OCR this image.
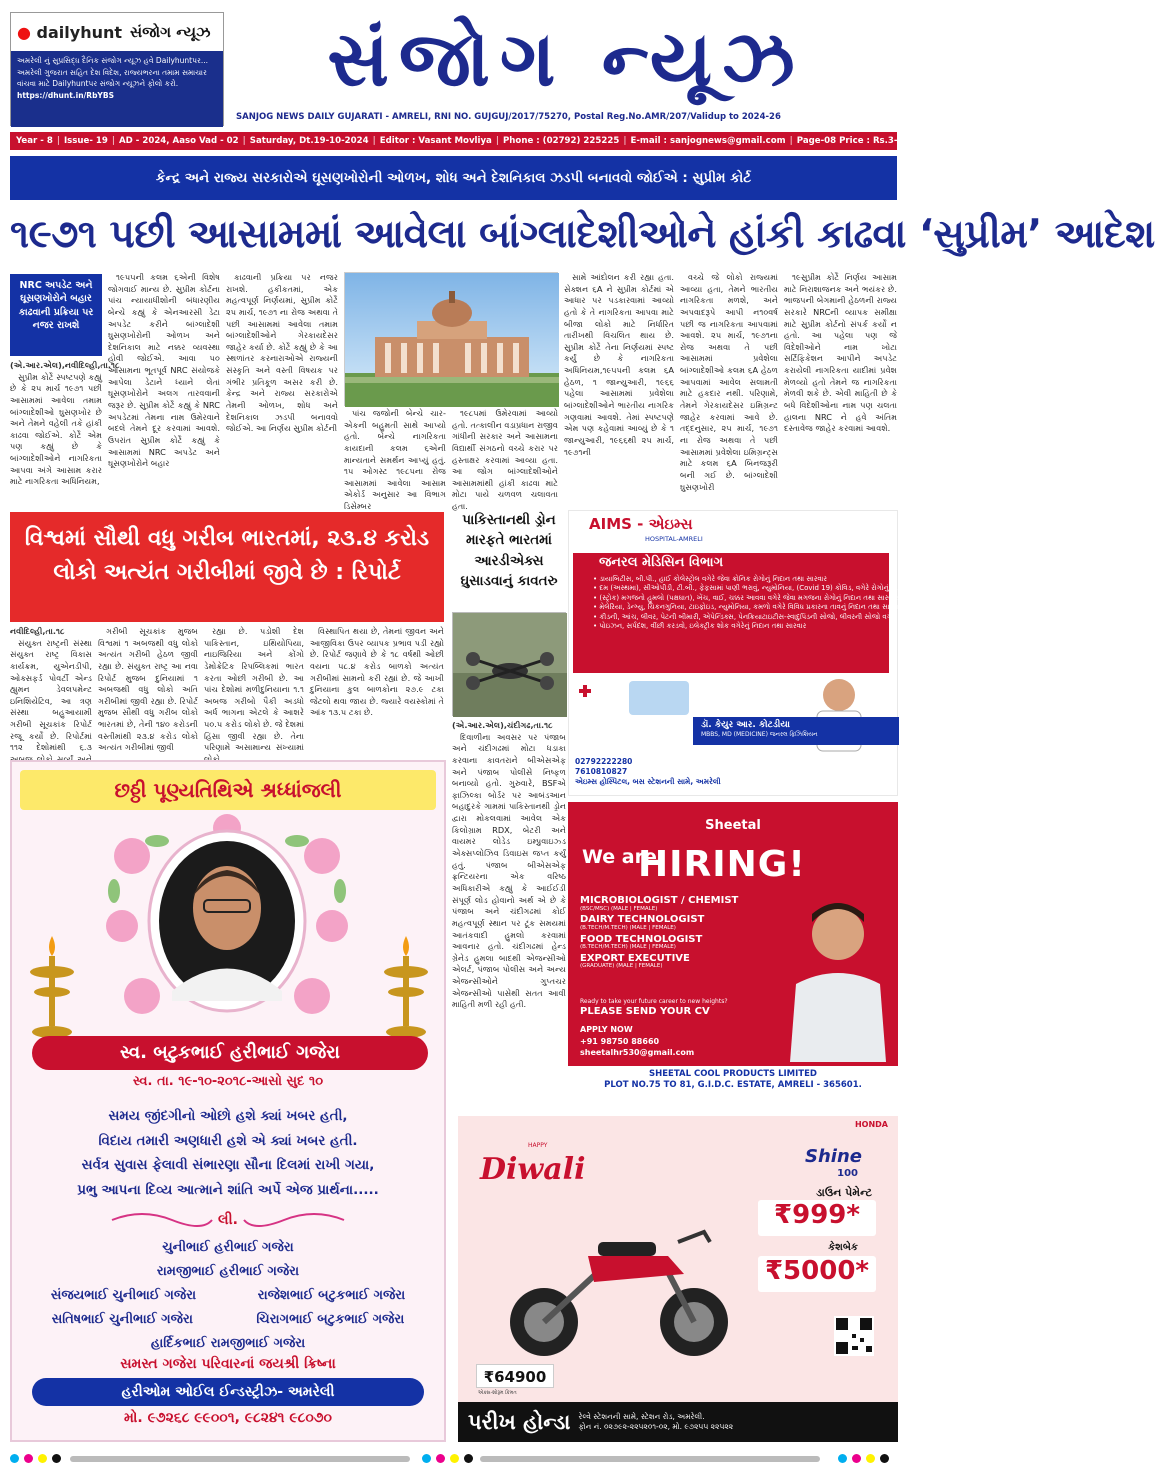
● dailyhunt સંજોગ ન્યૂઝ
અમરેલી નું સુપ્રસિદ્ધ દૈનિક સંજોગ ન્યૂઝ હવે Dailyhuntપર... અમરેલી ગુજરાત સહિત દેશ વિદેશ, રાજ્યભરના તમામ સમાચાર વાંચવા માટે Dailyhuntપર સંજોગ ન્યૂઝને ફોલો કરો.
https://dhunt.in/RbYBS	સંજોગ ન્યૂઝ
SANJOG NEWS DAILY GUJARATI - AMRELI, RNI NO. GUJGUJ/2017/75270, Postal Reg.No.AMR/207/Validup to 2024-26
Year - 8 | Issue- 19 | AD - 2024, Aaso Vad - 02 | Saturday, Dt.19-10-2024 | Editor : Vasant Movliya | Phone : (02792) 225225 | E-mail : sanjognews@gmail.com | Page-08 Price : Rs.3-00
કેન્દ્ર અને રાજ્ય સરકારોએ ઘૂસણખોરોની ઓળખ, શોધ અને દેશનિકાલ ઝડપી બનાવવો જોઈએ : સુપ્રીમ કોર્ટ
૧૯૭૧ પછી આસામમાં આવેલા બાંગ્લાદેશીઓને હાંકી કાઢવા ‘સુપ્રીમ’ આદેશ
NRC અપડેટ અને ઘૂસણખોરોને બહાર કાઢવાની પ્રક્રિયા પર નજર રાખશે
(એ.આર.એલ),નવીદિલ્હી,તા.૧૮

સુપ્રીમ કોર્ટે સ્પષ્ટપણે કહ્યું છે કે ૨૫ માર્ચ ૧૯૭૧ પછી આસામમાં આવેલા તમામ બાંગ્લાદેશીઓ ઘુસણખોર છે અને તેમને વહેલી તકે હાંકી કાઢવા જોઈએ. કોર્ટે એમ પણ કહ્યું છે કે બાંગ્લાદેશીઓને નાગરિકતા આપવા અંગે આસામ કરાર માટે નાગરિકતા અધિનિયમ,

૧૯૫૫ની કલમ ૬એની વિશેષ જોગવાઈ માન્ય છે. સુપ્રીમ કોર્ટના પાંચ ન્યાયાધીશોની બંધારણીય બેન્ચે કહ્યું કે એનઆરસી ડેટા અપડેટ કરીને બાંગ્લાદેશી ઘુસણખોરોની ઓળખ અને દેશનિકાલ માટે નક્કર વ્યવસ્થા હોવી જોઈએ. આવા ૫૦ આસામના ભૂતપૂર્વ NRC સંયોજકે આપેલા ડેટાને ધ્યાને લેતાં ઘૂસણખોરોને અલગ તારવવાની જરૂર છે. સુપ્રીમ કોર્ટે કહ્યું કે NRC અપડેટમાં તેમના નામ ઉમેરવાને બદલે તેમને દૂર કરવામાં આવશે. ઉપરાંત સુપ્રીમ કોર્ટે કહ્યું કે આસામમાં NRC અપડેટ અને ઘૂસણખોરોને બહાર

કાઢવાની પ્રક્રિયા પર નજર રાખશે. હકીકતમાં, એક મહત્વપૂર્ણ નિર્ણયમાં, સુપ્રીમ કોર્ટે ૨૫ માર્ચ, ૧૯૭૧ ના રોજ અથવા તે પછી આસામમાં આવેલા તમામ બાંગ્લાદેશીઓને ગેરકાયદેસર જાહેર કર્યા છે. કોર્ટે કહ્યું છે કે આ સ્થળાંતર કરનારાઓએ રાજ્યની સંસ્કૃતિ અને વસ્તી વિષયક પર ગંભીર પ્રતિકૂળ અસર કરી છે. કેન્દ્ર અને રાજ્ય સરકારોએ તેમની ઓળખ, શોધ અને દેશનિકાલ ઝડપી બનાવવો જોઈએ. આ નિર્ણય સુપ્રીમ કોર્ટની

પાંચ જજોની બેન્ચે ચાર-એકની બહુમતી સાથે આપ્યો હતો. બેન્ચે નાગરિકતા કાયદાની કલમ ૬એની માન્યતાને સમર્થન આપ્યું હતું. ૧૫ ઓગસ્ટ ૧૯૮૫ના રોજ આસામમાં આવેલા આસામ એકોર્ડ અનુસાર આ વિભાગ ડિસેમ્બર

૧૯૮૫માં ઉમેરવામાં આવ્યો હતો. તત્કાલીન વડાપ્રધાન રાજીવ ગાંધીની સરકાર અને આસામના વિદ્યાર્થી સંગઠનો વચ્ચે કરાર પર હસ્તાક્ષર કરવામાં આવ્યા હતા. આ જોગ બાંગ્લાદેશીઓને આસામમાંથી હાંકી કાઢવા માટે મોટા પાયે ચળવળ ચલાવતા હતા.

સામે આંદોલન કરી રહ્યા હતા. સેક્શન ૬A ને સુપ્રીમ કોર્ટમાં એ આધાર પર પડકારવામાં આવ્યો હતો કે તે નાગરિકતા આપવા માટે બીજા લોકો માટે નિર્ધારિત તારીખથી વિચલિત થાય છે. સુપ્રીમ કોર્ટે તેના નિર્ણયમાં સ્પષ્ટ કર્યું છે કે નાગરિકતા અધિનિયમ,૧૯૫૫ની કલમ ૬A હેઠળ, ૧ જાન્યુઆરી, ૧૯૬૬ પહેલા આસામમાં પ્રવેશેલા બાંગ્લાદેશીઓને ભારતીય નાગરિક ગણવામાં આવશે. તેમાં સ્પષ્ટપણે એમ પણ કહેવામાં આવ્યું છે કે ૧ જાન્યુઆરી, ૧૯૬૬થી ૨૫ માર્ચ, ૧૯૭૧ની

વચ્ચે જે લોકો રાજ્યમાં આવ્યા હતા, તેમને ભારતીય નાગરિકતા મળશે, અને અપવાદરૂપે આપી ન૧૦વર્ષ પછી જ નાગરિકતા આપવામાં આવશે. ૨૫ માર્ચ, ૧૯૭૧ના રોજ અથવા તે પછી આસામમાં પ્રવેશેલા બાંગ્લાદેશીઓ કલમ ૬A હેઠળ આપવામાં આવેલ સલામતી માટે હકદાર નથી. પરિણામે, તેમને ગેરકાયદેસર ઇમિગ્રન્ટ જાહેર કરવામાં આવે છે. તદ્દનુસાર, ૨૫ માર્ચ, ૧૯૭૧ ના રોજ અથવા તે પછી આસામમાં પ્રવેશેલા ઇમિગ્રન્ટ્સ માટે કલમ ૬A બિનજરૂરી બની ગઈ છે. બાંગ્લાદેશી ઘુસણખોરી

૧૯સુપ્રીમ કોર્ટે નિર્ણય આસામ માટે નિરાશાજનક અને ભયંકર છે. ભાજપની બેગમાની હેઠળની રાજ્ય સરકારે NRCની વ્યાપક સમીક્ષા માટે સુપ્રીમ કોર્ટનો સંપર્ક કર્યો ન હતો. આ પહેલા પણ જે વિદેશીઓને નામ ખોટા સર્ટિફિકેશન આપીને અપડેટ કરાયેલી નાગરિકતા યાદીમાં પ્રવેશ મેળવ્યો હતો તેમને જ નાગરિકતા મેળવી શકે છે. એવી માહિતી છે કે બધે વિદેશીઓના નામ પણ ચલતા હાલના NRC ને હવે અંતિમ દસ્તાવેજ જાહેર કરવામાં આવશે.

વિશ્વમાં સૌથી વધુ ગરીબ ભારતમાં, ૨૩.૪ કરોડ લોકો અત્યંત ગરીબીમાં જીવે છે : રિપોર્ટ
નવીદિલ્હી,તા.૧૮

સંયુક્ત રાષ્ટ્રની સંસ્થા સંયુક્ત રાષ્ટ્ર વિકાસ કાર્યક્રમ, યુએનડીપી, ઓક્સફર્ડ પોવર્ટી એન્ડ હ્યુમન ડેવલપમેન્ટ ઇનિશિયેટિવ, આ ત્રણ સંસ્થા બહુઆયામી ગરીબી સૂચકાંક રિપોર્ટ રજૂ કર્યો છે. રિપોર્ટમાં ૧૧૨ દેશોમાંથી ૬.૩

ગરીબી સૂચકાંક મુજબ વિશ્વમાં ૧ અબજથી વધુ લોકો અત્યંત ગરીબી હેઠળ જીવી રહ્યા છે. સંયુક્ત રાષ્ટ્ર આ નવા રિપોર્ટ મુજબ દુનિયામાં ૧ અબજથી વધુ લોકો અતિ ગરીબીમાં જીવી રહ્યા છે. રિપોર્ટ મુજબ સૌથી વધુ ગરીબ લોકો ભારતમાં છે, તેની ૧૪૦ કરોડની વસ્તીમાંથી ૨૩.૪ કરોડ લોકો અત્યંત ગરીબીમાં જીવી

રહ્યા છે. પડોશી દેશ પાકિસ્તાન, ઇથિયોપિયા, નાઇજિરિયા અને કોંગો ડેમોક્રેટિક રિપબ્લિકમાં ભારત કરતા ઓછી ગરીબી છે. આ પાંચ દેશોમાં મળીદુનિયાના ૧.૧ અબજ ગરીબો પૈકી અડધો અર્ધ ભાગના એટલે કે આશરે ૫૦.૫ કરોડ લોકો છે. જે દેશમાં હિંસા જીવી રહ્યા છે. તેના પરિણામે અસામાન્ય સંખ્યામાં

વિસ્થાપિત થયા છે, તેમનાં જીવન અને આજીવિકા ઉપર વ્યાપક પ્રભાવ પડી રહ્યો છે. રિપોર્ટ જણાવે છે કે ૧૮ વર્ષથી ઓછી વયના ૫૮.૪ કરોડ બાળકો અત્યંત ગરીબીમાં સામનો કરી રહ્યાં છે. જે આખી દુનિયાના કુલ બાળકોના ૨૭.૯ ટકા જેટલો થવા જાય છે. જ્યારે વયસ્કોમાં તે આંક ૧૩.૫ ટકા છે.

પાકિસ્તાનથી ડ્રોન મારફતે ભારતમાં આરડીએક્સ ઘુસાડવાનું કાવતરુ
(એ.આર.એલ),ચંદીગઢ,તા.૧૮

દિવાળીના અવસર પર પંજાબ અને ચંદીગઢમાં મોટા ધડાકા કરવાના કાવતરાને બીએસએફ અને પંજાબ પોલીસે નિષ્ફળ બનાવ્યો હતો. ગુરુવારે, BSFએ ફાઝિલ્કા બોર્ડર પર આબંડઆન બહાદુરકે ગામમાં પાકિસ્તાનથી ડ્રોન દ્વારા મોકલવામાં આવેલ એક કિલોગ્રામ RDX, બેટરી અને વાયમર લોડેડ ઇમ્પ્રુવાઇઝ્ડ એક્સપ્લોઝિવ ડિવાઇસ જપ્ત કર્યું હતું. પંજાબ બીએસએફ ફ્રન્ટિયરના એક વરિષ્ઠ અધિકારીએ કહ્યું કે આઈઈડી સંપૂર્ણ લોડ હોવાનો અર્થ એ છે કે પંજાબ અને ચંદીગઢમાં કોઈ મહત્વપૂર્ણ સ્થાન પર ટૂંક સમયમાં આતંકવાદી હુમલો કરવામાં આવનાર હતો. ચંદીગઢમાં હેન્ડ ગ્રેનેડ હુમલા બાદથી એજન્સીઓ એલર્ટ, પંજાબ પોલીસ અને અન્ય એજન્સીઓને ગુપ્તચર એજન્સીઓ પાસેથી સતત આવી માહિતી મળી રહી હતી.

AIMS - એઇમ્સ
HOSPITAL-AMRELI
જનરલ મેડિસિન વિભાગ
• ડાયાબિટીસ, બી.પી., હાઈ કોલેસ્ટ્રોલ વગેરે જેવા ક્રોનિક રોગોનું નિદાન તથા સારવાર
• દમ (અસ્થમા), સીઓપીડી, ટી.બી., ફેફસામાં પાણી ભરાવું, ન્યુમોનિયા, (Covid 19) કોવિડ, વગેરે રોગોનું નિદાન તથા સારવાર
• (સ્ટ્રોક) મગજનો હુમલો (પક્ષઘાત), ખેંચ, વાઈ, ચક્કર આવવા વગેરે જેવા મગજના રોગોનું નિદાન તથા સારવાર
• મેલેરિયા, ડેન્ગ્યુ, ચિકનગુનિયા, ટાઇફોઇડ, ન્યુમોનિયા, કમળો વગેરે વિવિધ પ્રકારના તાવનું નિદાન તથા સારવાર
• કીડની, આંચ, લીવર, પેટની બીમારી, એપેન્ડિક્સ, પેનક્રિયાટાઇટીસ-સ્વાદુપિંડની સોજો, લીવરની સોજો વગેરે જેવા પેટના રોગોનું નિદાન તથા સારવાર
• પોઇઝન, સર્પદંશ, વીંછી કરડવો, ઇલેક્ટ્રીક શોક વગેરેનું નિદાન તથા સારવાર
ડૉ. કેયુર આર. કોટડીયા
MBBS, MD (MEDICINE) જનરલ ફિઝિશિયન
02792222280
7610810827
એઇમ્સ હોસ્પિટલ, બસ સ્ટેશનની સામે, અમરેલી
Sheetal
We are
HIRING!
MICROBIOLOGIST / CHEMIST
(BSC/MSC) (MALE | FEMALE)
DAIRY TECHNOLOGIST
(B.TECH/M.TECH) (MALE | FEMALE)
FOOD TECHNOLOGIST
(B.TECH/M.TECH) (MALE | FEMALE)
EXPORT EXECUTIVE
(GRADUATE) (MALE | FEMALE)
Ready to take your future career to new heights?
PLEASE SEND YOUR CV
APPLY NOW
+91 98750 88660
sheetalhr530@gmail.com
SHEETAL COOL PRODUCTS LIMITED
PLOT NO.75 TO 81, G.I.D.C. ESTATE, AMRELI - 365601.
છઠ્ઠી પૂણ્યતિથિએ શ્રધ્ધાંજલી
સ્વ. બટુકભાઈ હરીભાઈ ગજેરા
સ્વ. તા. ૧૯-૧૦-૨૦૧૮-આસો સુદ ૧૦
સમય જીંદગીનો ઓછો હશે ક્યાં ખબર હતી,
વિદાય તમારી અણધારી હશે એ ક્યાં ખબર હતી.
સર્વત્ર સુવાસ ફેલાવી સંભારણા સૌના દિલમાં રાખી ગયા,
પ્રભુ આપના દિવ્ય આત્માને શાંતિ અર્પે એજ પ્રાર્થના.....
લી.
ચુનીભાઈ હરીભાઈ ગજેરા
રામજીભાઈ હરીભાઈ ગજેરા
સંજયભાઈ ચુનીભાઈ ગજેરા	રાજેશભાઈ બટુકભાઈ ગજેરા
સતિષભાઈ ચુનીભાઈ ગજેરા	ચિરાગભાઈ બટુકભાઈ ગજેરા
હાર્દિકભાઈ રામજીભાઈ ગજેરા
સમસ્ત ગજેરા પરિવારનાં જયશ્રી ક્રિષ્ના
હરીઓમ ઓઈલ ઈન્ડસ્ટ્રીઝ- અમરેલી
મો. ૯૭૨૬૮ ૯૯૦૦૧, ૯૮૨૪૧ ૯૮૦૭૦
HONDA
HAPPY
Diwali	Shine
100
ડાઉન પેમેન્ટ
₹999*
કેશબેક
₹5000*
₹64900
એક્સ-શોરૂમ કિંમત
પરીખ હોન્ડા રેલ્વે સ્ટેશનની સામે, સ્ટેશન રોડ, અમરેલી.
ફોન નં. ૦૨૭૯૨-૨૨૫૨૦૧-૦૨, મો. ૯૭૨૫૫ ૨૨૫૨૨
